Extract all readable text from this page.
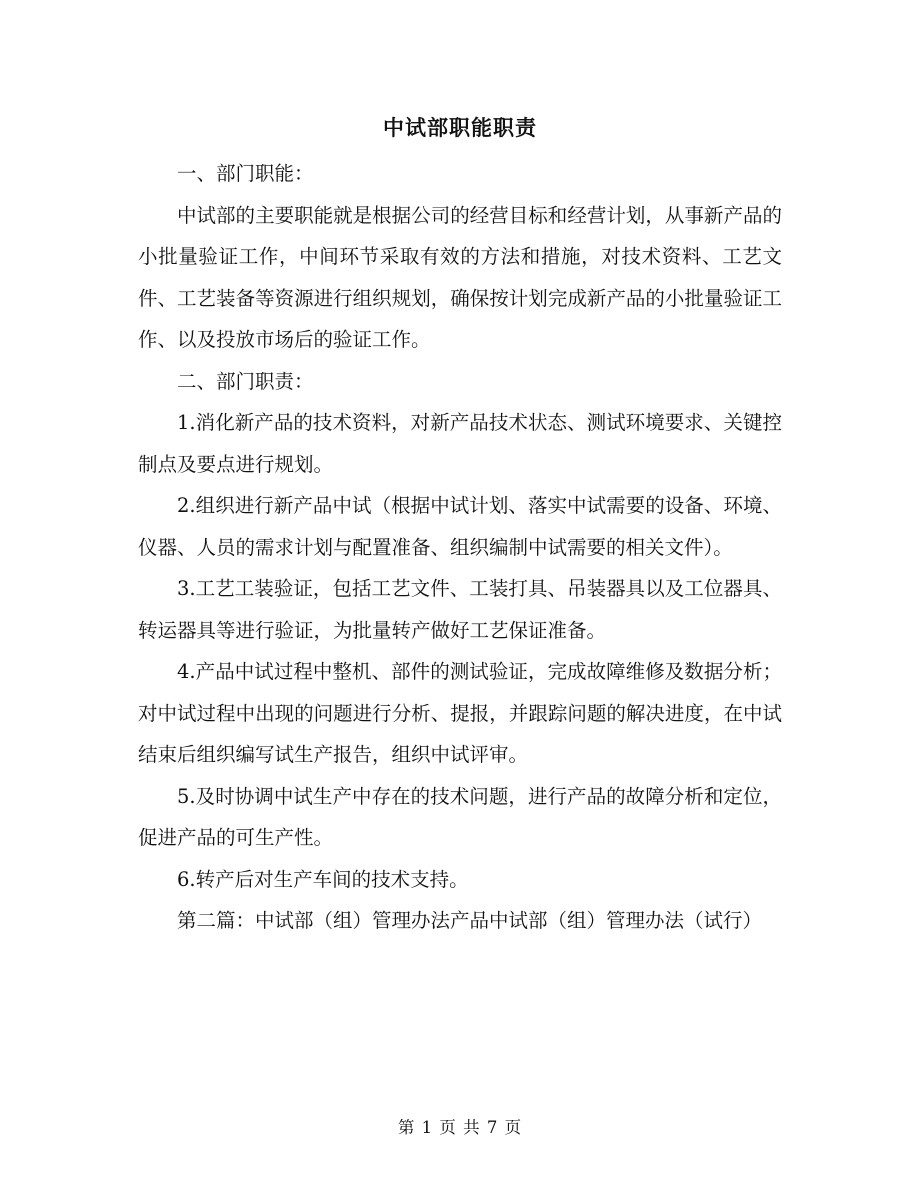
中试部职能职责

一、部门职能：

中试部的主要职能就是根据公司的经营目标和经营计划，从事新产品的小批量验证工作，中间环节采取有效的方法和措施，对技术资料、工艺文件、工艺装备等资源进行组织规划，确保按计划完成新产品的小批量验证工作、以及投放市场后的验证工作。

二、部门职责：

1.消化新产品的技术资料，对新产品技术状态、测试环境要求、关键控制点及要点进行规划。

2.组织进行新产品中试（根据中试计划、落实中试需要的设备、环境、仪器、人员的需求计划与配置准备、组织编制中试需要的相关文件）。

3.工艺工装验证，包括工艺文件、工装打具、吊装器具以及工位器具、转运器具等进行验证，为批量转产做好工艺保证准备。

4.产品中试过程中整机、部件的测试验证，完成故障维修及数据分析；对中试过程中出现的问题进行分析、提报，并跟踪问题的解决进度，在中试结束后组织编写试生产报告，组织中试评审。

5.及时协调中试生产中存在的技术问题，进行产品的故障分析和定位，促进产品的可生产性。

6.转产后对生产车间的技术支持。

第二篇：中试部（组）管理办法产品中试部（组）管理办法（试行）

第 1 页 共 7 页
